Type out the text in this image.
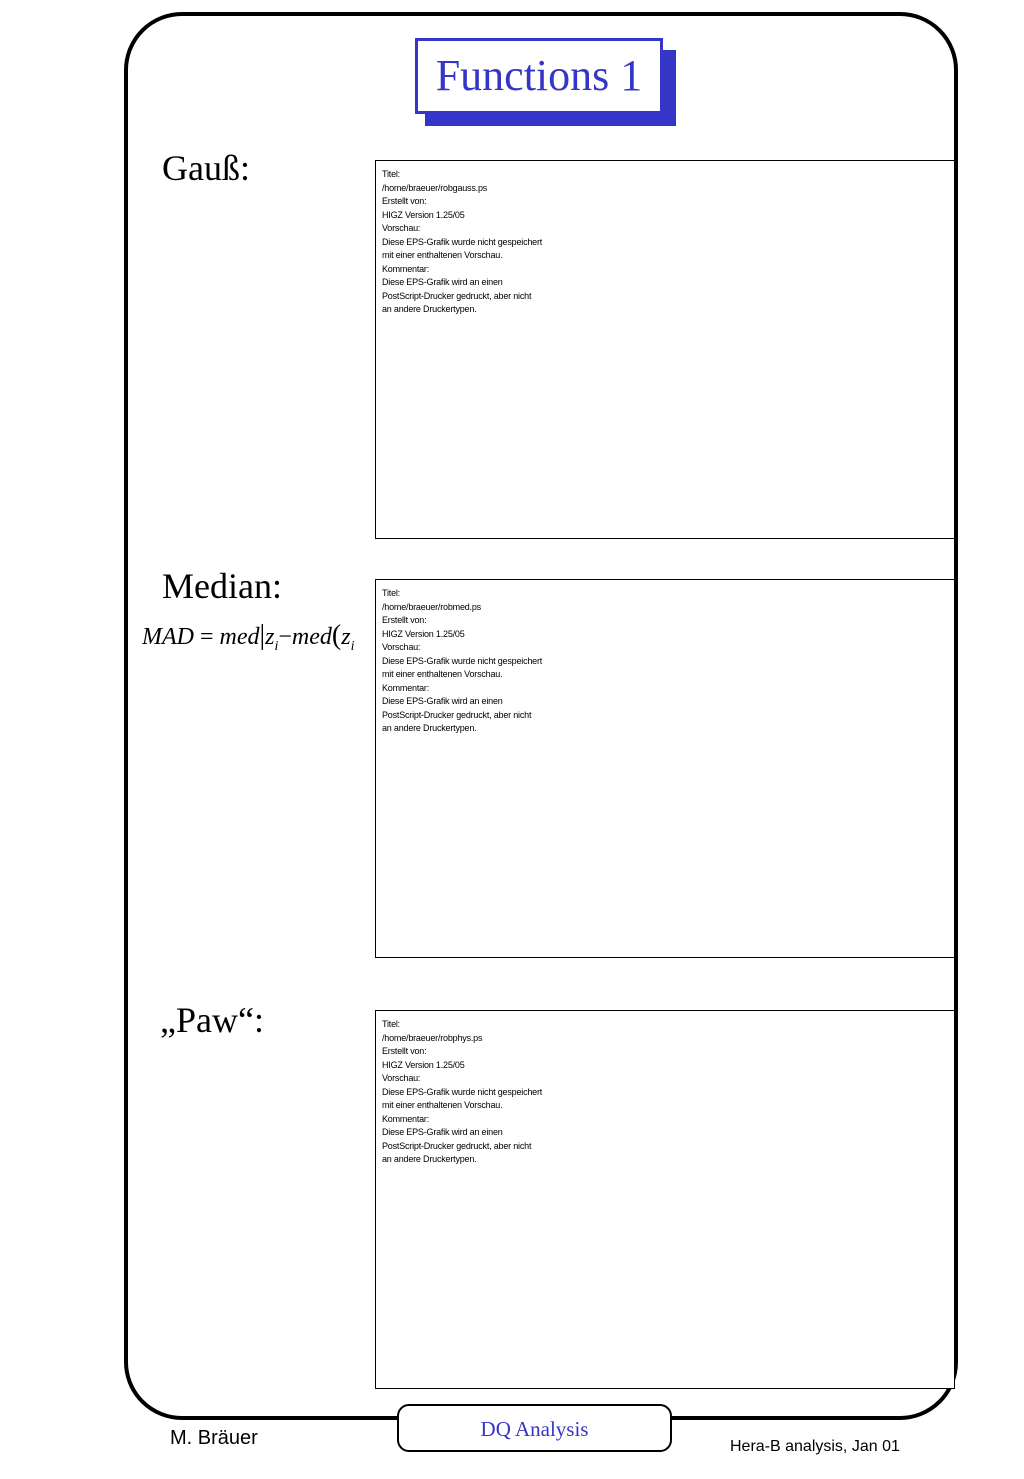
Functions 1
Gauß:	Titel:
/home/braeuer/robgauss.ps
Erstellt von:
HIGZ Version 1.25/05
Vorschau:
Diese EPS-Grafik wurde nicht gespeichert
mit einer enthaltenen Vorschau.
Kommentar:
Diese EPS-Grafik wird an einen
PostScript-Drucker gedruckt, aber nicht
an andere Druckertypen.
Median:
MAD = $med|z_i-med(z_i$
Titel:
/home/braeuer/robmed.ps
Erstellt von:
HIGZ Version 1.25/05
Vorschau:
Diese EPS-Grafik wurde nicht gespeichert
mit einer enthaltenen Vorschau.
Kommentar:
Diese EPS-Grafik wird an einen
PostScript-Drucker gedruckt, aber nicht
an andere Druckertypen.
„Paw“:	Titel:
/home/braeuer/robphys.ps
Erstellt von:
HIGZ Version 1.25/05
Vorschau:
Diese EPS-Grafik wurde nicht gespeichert
mit einer enthaltenen Vorschau.
Kommentar:
Diese EPS-Grafik wird an einen
PostScript-Drucker gedruckt, aber nicht
an andere Druckertypen.
DQ Analysis
M. Bräuer	Hera-B analysis, Jan 01
